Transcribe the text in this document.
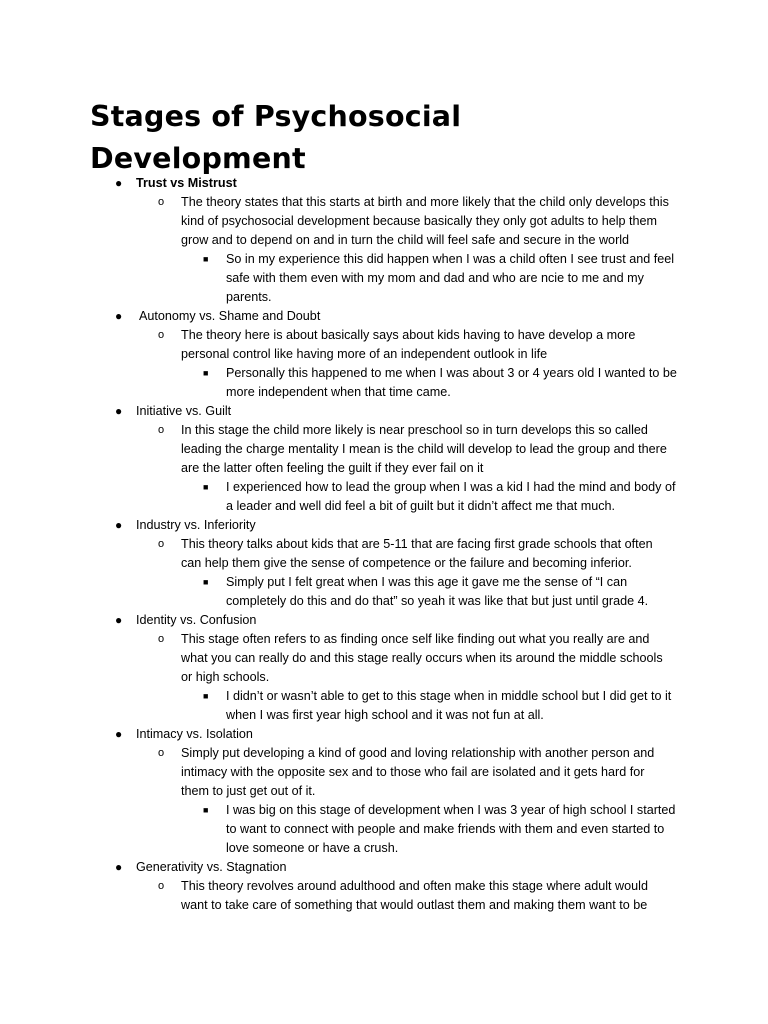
Stages of Psychosocial
Development
● Trust vs Mistrust
o The theory states that this starts at birth and more likely that the child only develops this kind of psychosocial development because basically they only got adults to help them grow and to depend on and in turn the child will feel safe and secure in the world
■ So in my experience this did happen when I was a child often I see trust and feel safe with them even with my mom and dad and who are ncie to me and my parents.
● Autonomy vs. Shame and Doubt
o The theory here is about basically says about kids having to have develop a more personal control like having more of an independent outlook in life
■ Personally this happened to me when I was about 3 or 4 years old I wanted to be more independent when that time came.
● Initiative vs. Guilt
o In this stage the child more likely is near preschool so in turn develops this so called leading the charge mentality I mean is the child will develop to lead the group and there are the latter often feeling the guilt if they ever fail on it
■ I experienced how to lead the group when I was a kid I had the mind and body of a leader and well did feel a bit of guilt but it didn’t affect me that much.
● Industry vs. Inferiority
o This theory talks about kids that are 5-11 that are facing first grade schools that often can help them give the sense of competence or the failure and becoming inferior.
■ Simply put I felt great when I was this age it gave me the sense of “I can completely do this and do that” so yeah it was like that but just until grade 4.
● Identity vs. Confusion
o This stage often refers to as finding once self like finding out what you really are and what you can really do and this stage really occurs when its around the middle schools or high schools.
■ I didn’t or wasn’t able to get to this stage when in middle school but I did get to it when I was first year high school and it was not fun at all.
● Intimacy vs. Isolation
o Simply put developing a kind of good and loving relationship with another person and intimacy with the opposite sex and to those who fail are isolated and it gets hard for them to just get out of it.
■ I was big on this stage of development when I was 3 year of high school I started to want to connect with people and make friends with them and even started to love someone or have a crush.
● Generativity vs. Stagnation
o This theory revolves around adulthood and often make this stage where adult would want to take care of something that would outlast them and making them want to be
